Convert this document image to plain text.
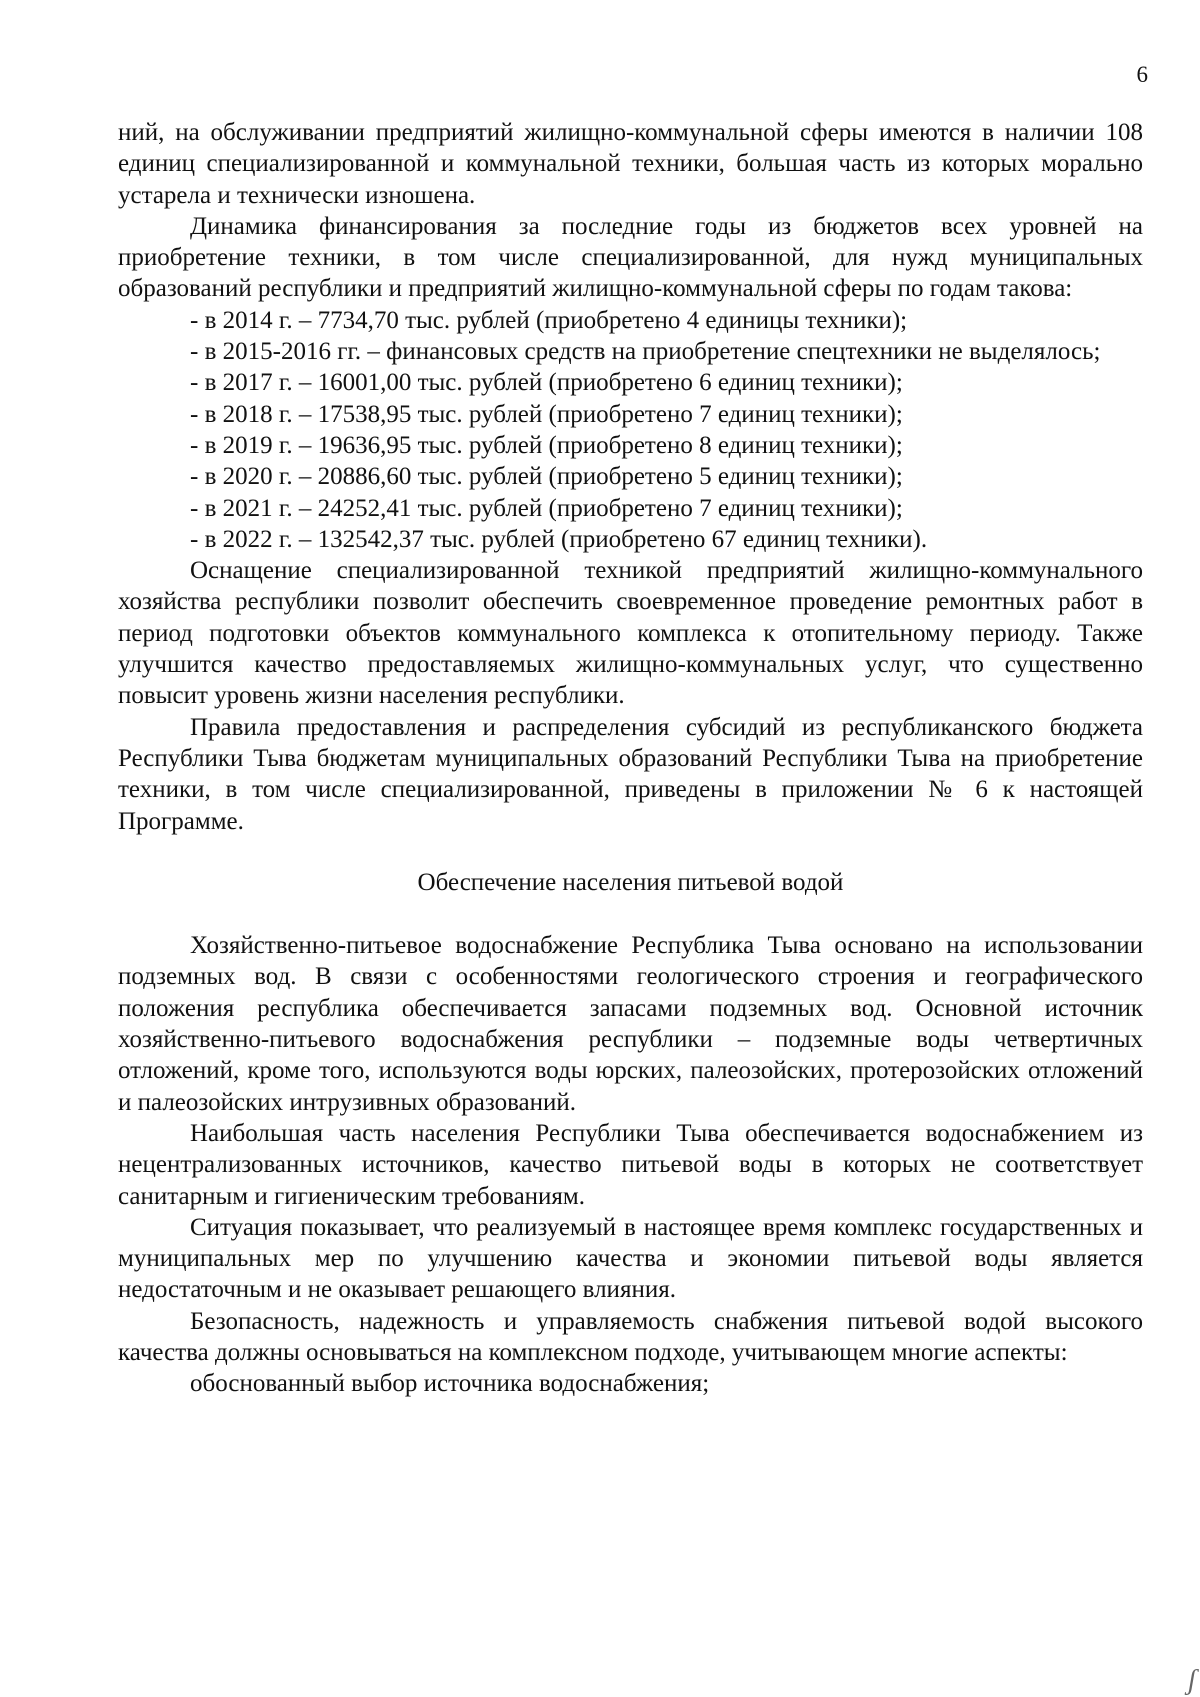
6

ний, на обслуживании предприятий жилищно-коммунальной сферы имеются в наличии 108 единиц специализированной и коммунальной техники, большая часть из которых морально устарела и технически изношена.

Динамика финансирования за последние годы из бюджетов всех уровней на приобретение техники, в том числе специализированной, для нужд муниципальных образований республики и предприятий жилищно-коммунальной сферы по годам такова:

- в 2014 г. – 7734,70 тыс. рублей (приобретено 4 единицы техники);
- в 2015-2016 гг. – финансовых средств на приобретение спецтехники не выделялось;
- в 2017 г. – 16001,00 тыс. рублей (приобретено 6 единиц техники);
- в 2018 г. – 17538,95 тыс. рублей (приобретено 7 единиц техники);
- в 2019 г. – 19636,95 тыс. рублей (приобретено 8 единиц техники);
- в 2020 г. – 20886,60 тыс. рублей (приобретено 5 единиц техники);
- в 2021 г. – 24252,41 тыс. рублей (приобретено 7 единиц техники);
- в 2022 г. – 132542,37 тыс. рублей (приобретено 67 единиц техники).

Оснащение специализированной техникой предприятий жилищно-коммунального хозяйства республики позволит обеспечить своевременное проведение ремонтных работ в период подготовки объектов коммунального комплекса к отопительному периоду. Также улучшится качество предоставляемых жилищно-коммунальных услуг, что существенно повысит уровень жизни населения республики.

Правила предоставления и распределения субсидий из республиканского бюджета Республики Тыва бюджетам муниципальных образований Республики Тыва на приобретение техники, в том числе специализированной, приведены в приложении № 6 к настоящей Программе.

Обеспечение населения питьевой водой

Хозяйственно-питьевое водоснабжение Республика Тыва основано на использовании подземных вод. В связи с особенностями геологического строения и географического положения республика обеспечивается запасами подземных вод. Основной источник хозяйственно-питьевого водоснабжения республики – подземные воды четвертичных отложений, кроме того, используются воды юрских, палеозойских, протерозойских отложений и палеозойских интрузивных образований.

Наибольшая часть населения Республики Тыва обеспечивается водоснабжением из нецентрализованных источников, качество питьевой воды в которых не соответствует санитарным и гигиеническим требованиям.

Ситуация показывает, что реализуемый в настоящее время комплекс государственных и муниципальных мер по улучшению качества и экономии питьевой воды является недостаточным и не оказывает решающего влияния.

Безопасность, надежность и управляемость снабжения питьевой водой высокого качества должны основываться на комплексном подходе, учитывающем многие аспекты:

обоснованный выбор источника водоснабжения;

ʃ
